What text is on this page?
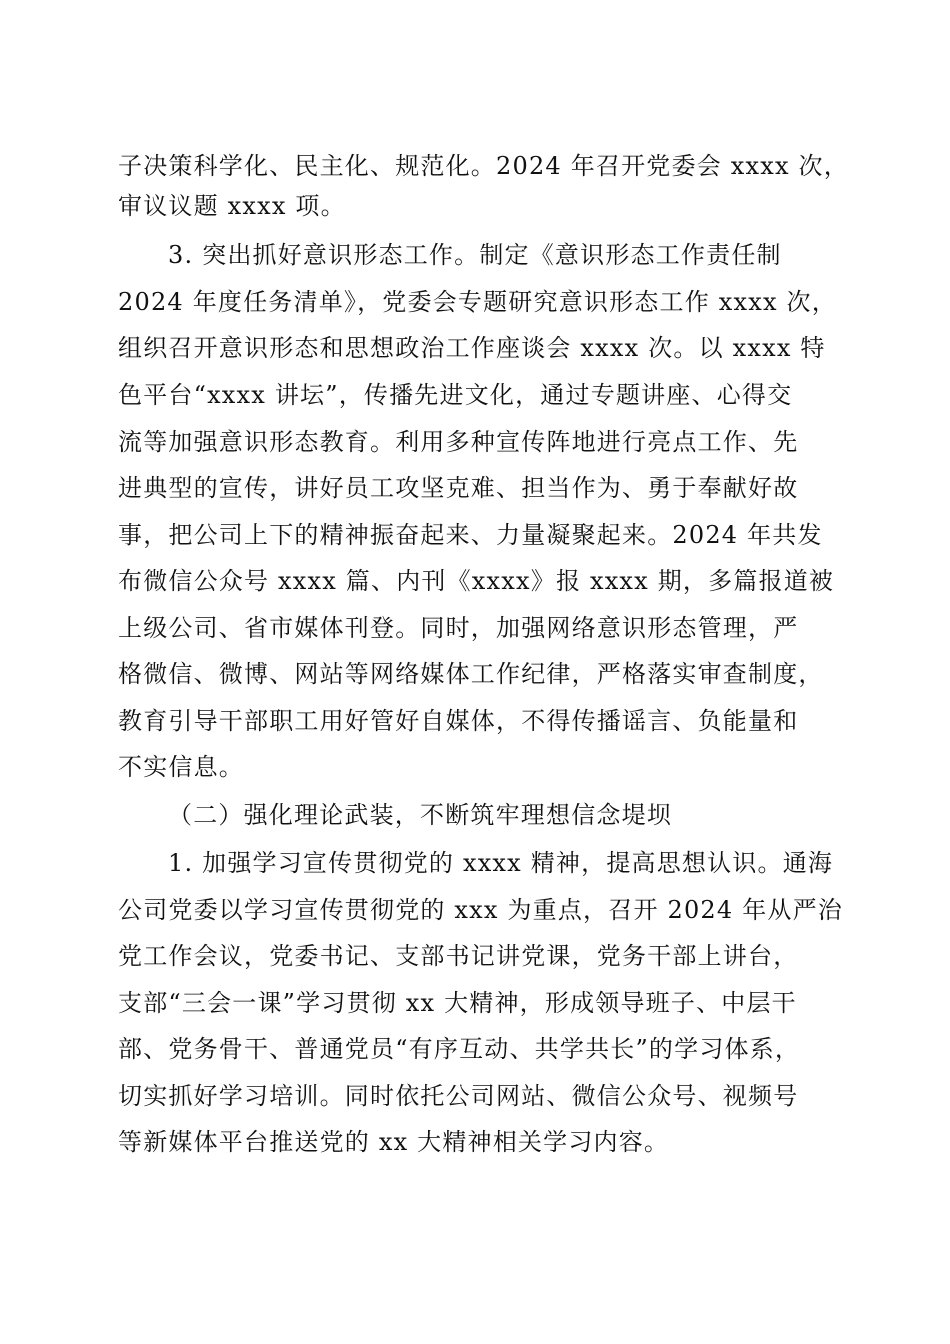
子决策科学化、民主化、规范化。2024 年召开党委会 xxxx 次，
审议议题 xxxx 项。
3. 突出抓好意识形态工作。制定《意识形态工作责任制
2024 年度任务清单》，党委会专题研究意识形态工作 xxxx 次，
组织召开意识形态和思想政治工作座谈会 xxxx 次。以 xxxx 特
色平台“xxxx 讲坛”，传播先进文化，通过专题讲座、心得交
流等加强意识形态教育。利用多种宣传阵地进行亮点工作、先
进典型的宣传，讲好员工攻坚克难、担当作为、勇于奉献好故
事，把公司上下的精神振奋起来、力量凝聚起来。2024 年共发
布微信公众号 xxxx 篇、内刊《xxxx》报 xxxx 期，多篇报道被
上级公司、省市媒体刊登。同时，加强网络意识形态管理，严
格微信、微博、网站等网络媒体工作纪律，严格落实审查制度，
教育引导干部职工用好管好自媒体，不得传播谣言、负能量和
不实信息。
（二）强化理论武装，不断筑牢理想信念堤坝
1. 加强学习宣传贯彻党的 xxxx 精神，提高思想认识。通海
公司党委以学习宣传贯彻党的 xxx 为重点，召开 2024 年从严治
党工作会议，党委书记、支部书记讲党课，党务干部上讲台，
支部“三会一课”学习贯彻 xx 大精神，形成领导班子、中层干
部、党务骨干、普通党员“有序互动、共学共长”的学习体系，
切实抓好学习培训。同时依托公司网站、微信公众号、视频号
等新媒体平台推送党的 xx 大精神相关学习内容。
